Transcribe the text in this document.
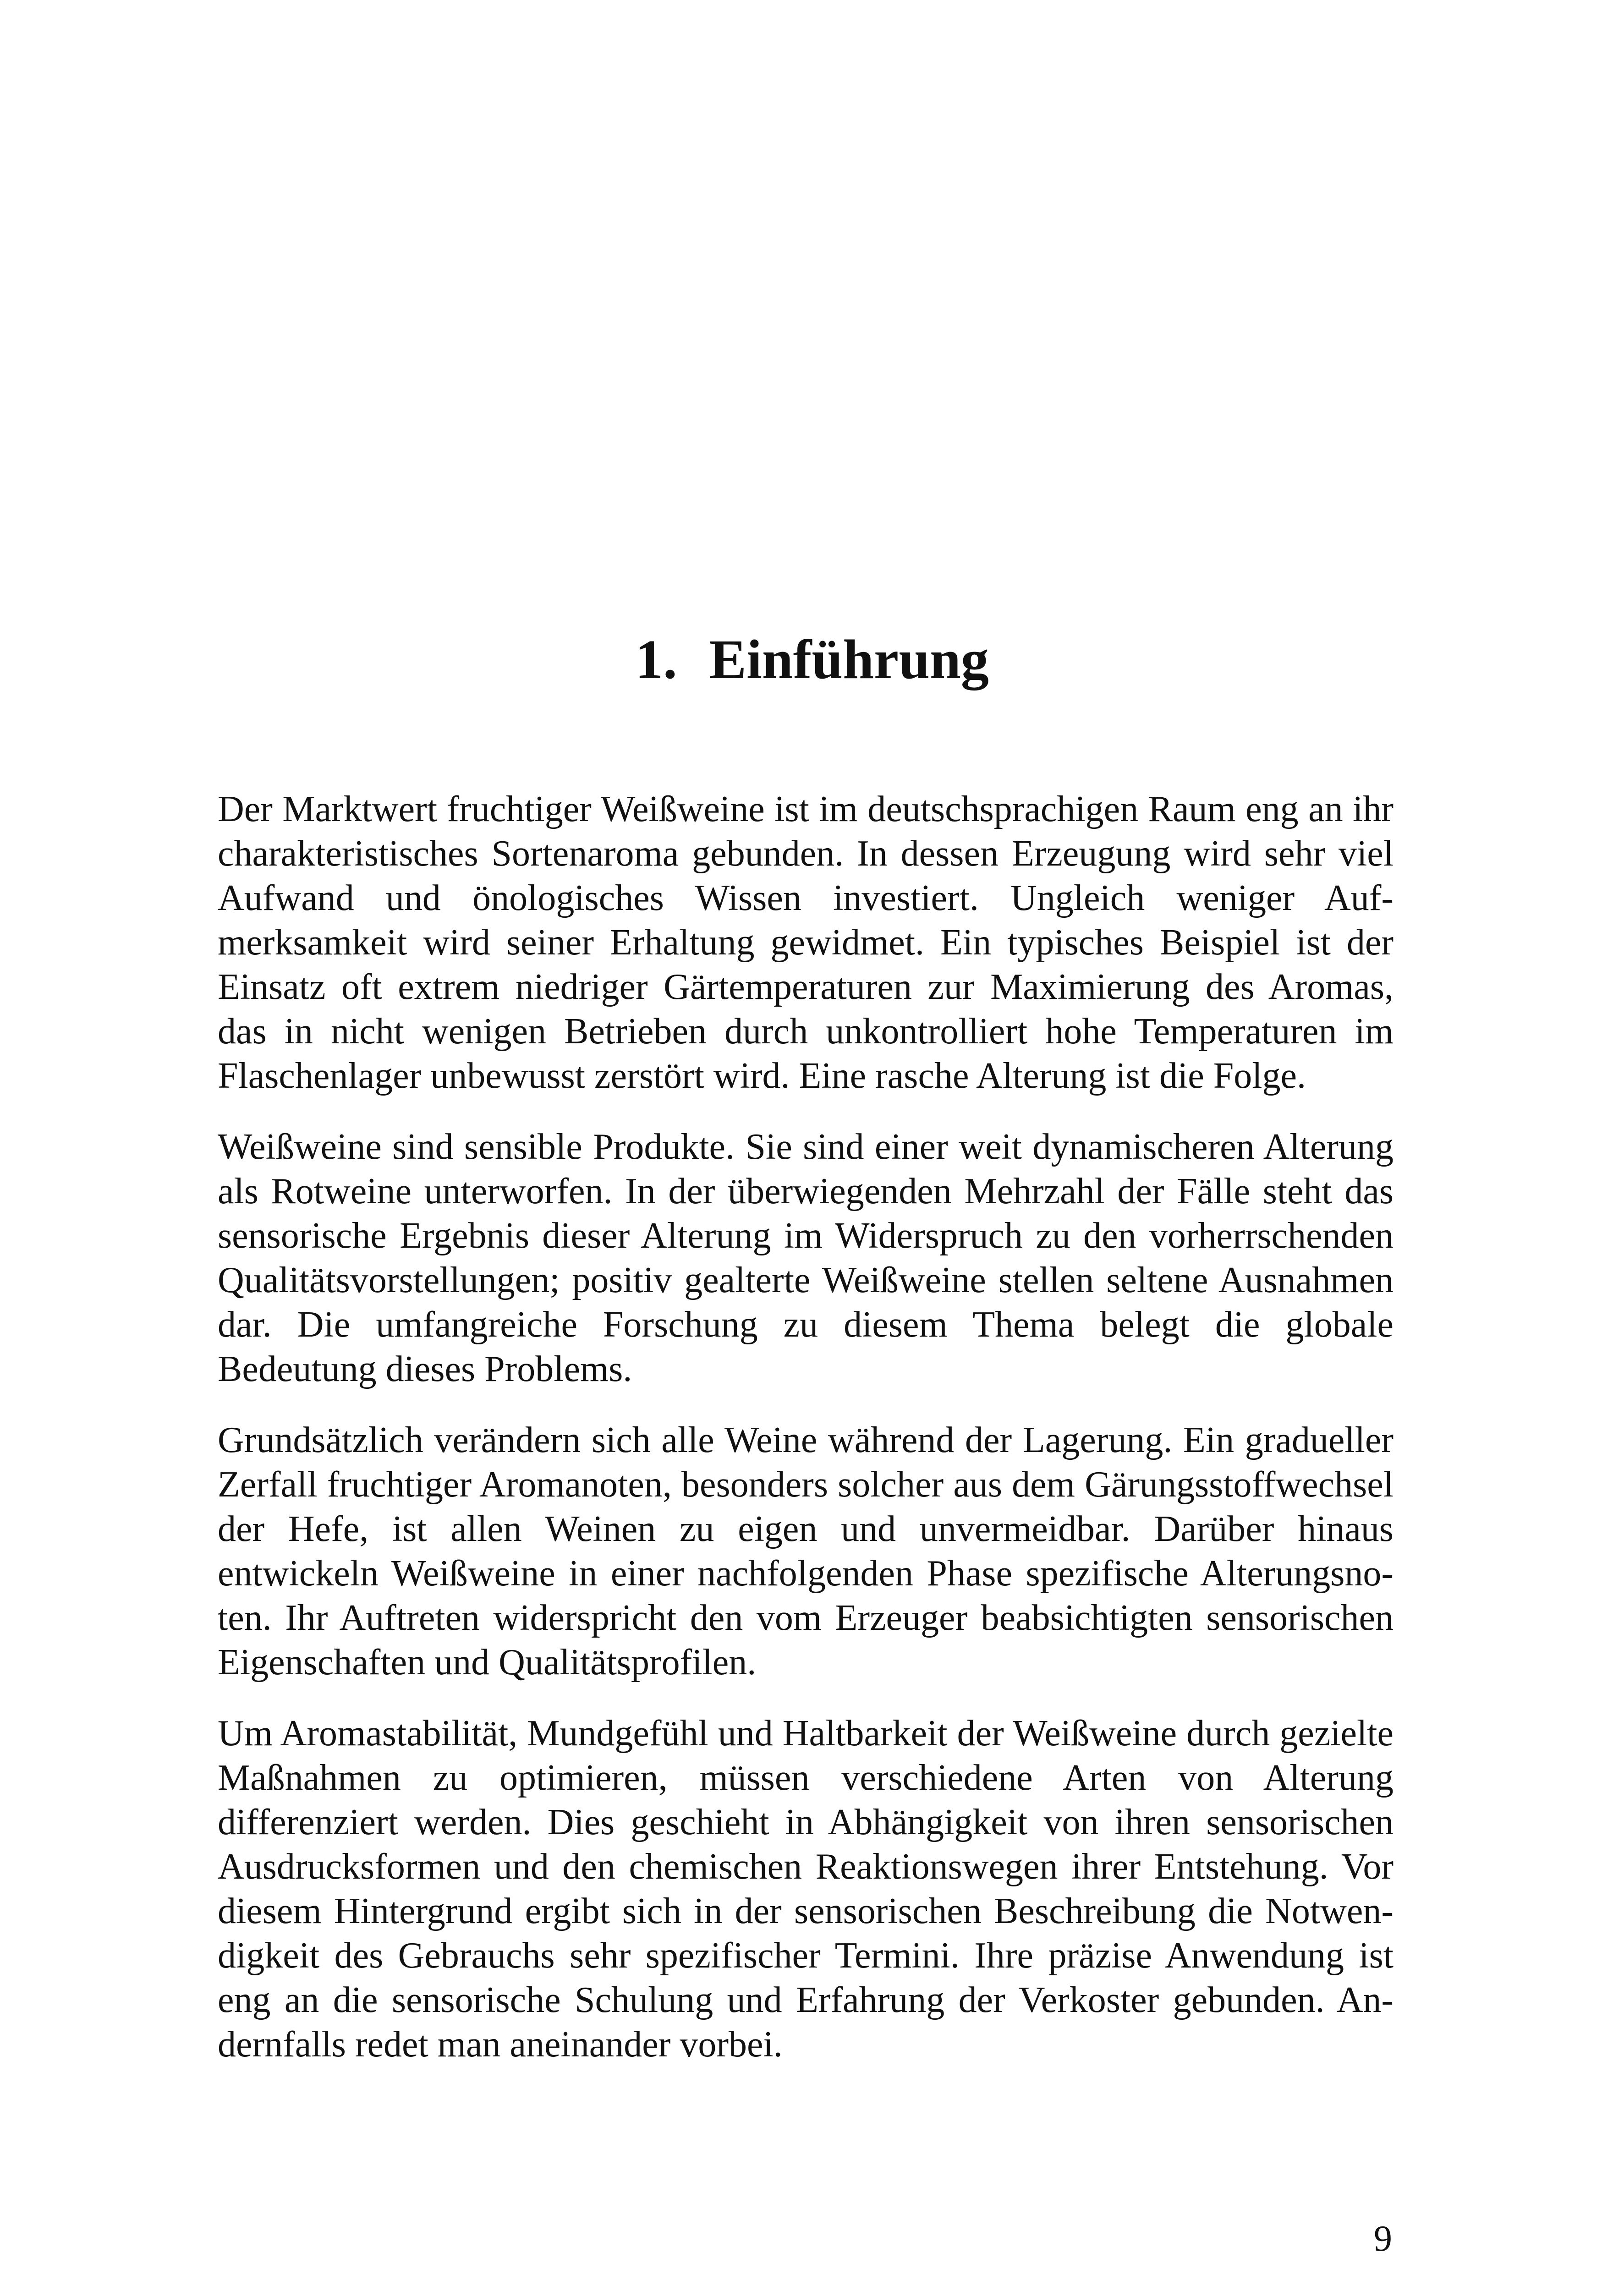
1. Einführung

Der Marktwert fruchtiger Weißweine ist im deutschsprachigen Raum eng an ihr charakteristisches Sortenaroma gebunden. In dessen Erzeugung wird sehr viel Aufwand und önologisches Wissen investiert. Ungleich weniger Aufmerksamkeit wird seiner Erhaltung gewidmet. Ein typisches Beispiel ist der Einsatz oft extrem niedriger Gärtemperaturen zur Maximierung des Aromas, das in nicht wenigen Betrieben durch unkontrolliert hohe Temperaturen im Flaschenlager unbewusst zerstört wird. Eine rasche Alterung ist die Folge.

Weißweine sind sensible Produkte. Sie sind einer weit dynamischeren Alterung als Rotweine unterworfen. In der überwiegenden Mehrzahl der Fälle steht das sensorische Ergebnis dieser Alterung im Widerspruch zu den vorherrschenden Qualitätsvorstellungen; positiv gealterte Weißweine stellen seltene Ausnahmen dar. Die umfangreiche Forschung zu diesem Thema belegt die globale Bedeutung dieses Problems.

Grundsätzlich verändern sich alle Weine während der Lagerung. Ein gradueller Zerfall fruchtiger Aromanoten, besonders solcher aus dem Gärungsstoffwechsel der Hefe, ist allen Weinen zu eigen und unvermeidbar. Darüber hinaus entwickeln Weißweine in einer nachfolgenden Phase spezifische Alterungsnoten. Ihr Auftreten widerspricht den vom Erzeuger beabsichtigten sensorischen Eigenschaften und Qualitätsprofilen.

Um Aromastabilität, Mundgefühl und Haltbarkeit der Weißweine durch gezielte Maßnahmen zu optimieren, müssen verschiedene Arten von Alterung differenziert werden. Dies geschieht in Abhängigkeit von ihren sensorischen Ausdrucksformen und den chemischen Reaktionswegen ihrer Entstehung. Vor diesem Hintergrund ergibt sich in der sensorischen Beschreibung die Notwendigkeit des Gebrauchs sehr spezifischer Termini. Ihre präzise Anwendung ist eng an die sensorische Schulung und Erfahrung der Verkoster gebunden. Andernfalls redet man aneinander vorbei.

9
